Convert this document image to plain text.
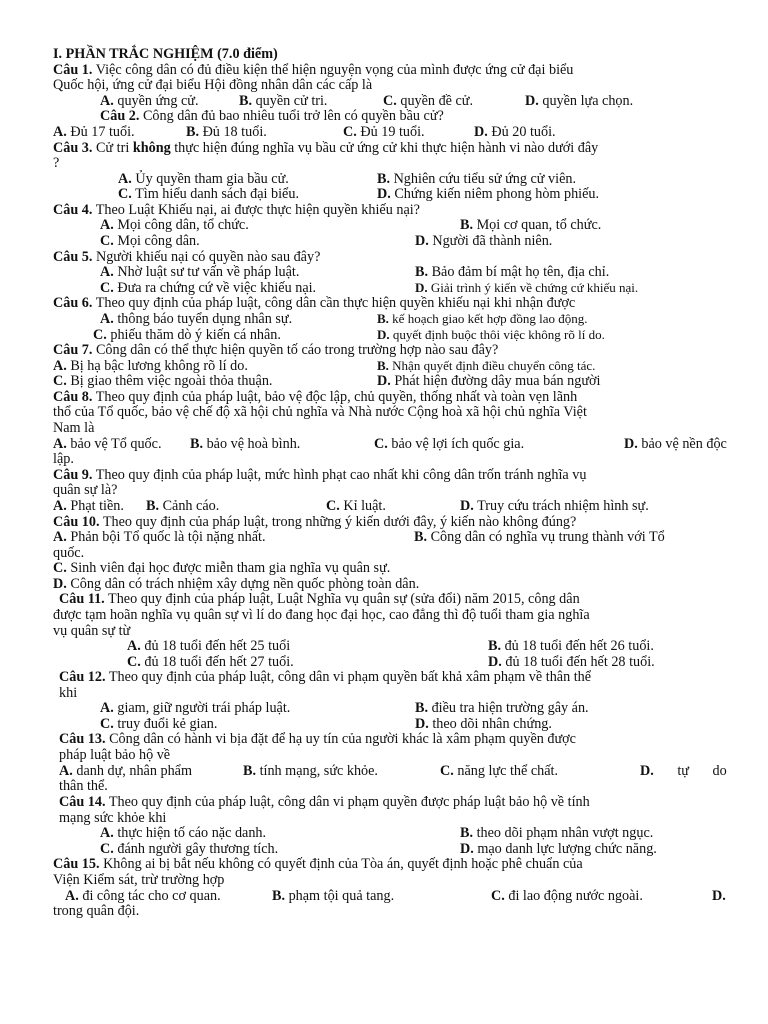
I. PHẦN TRẮC NGHIỆM (7.0 điểm)
Câu 1. Việc công dân có đủ điều kiện thể hiện nguyện vọng của mình được ứng cử đại biểu
Quốc hội, ứng cử đại biểu Hội đồng nhân dân các cấp là
A. quyền ứng cử.	B. quyền cử tri.	C. quyền đề cử.	D. quyền lựa chọn.
Câu 2. Công dân đủ bao nhiêu tuổi trở lên có quyền bầu cử?
A. Đủ 17 tuổi.	B. Đủ 18 tuổi.	C. Đủ 19 tuổi.	D. Đủ 20 tuổi.
Câu 3. Cử tri không thực hiện đúng nghĩa vụ bầu cử ứng cử khi thực hiện hành vi nào dưới đây
?
A. Ủy quyền tham gia bầu cử.	B. Nghiên cứu tiểu sử ứng cử viên.
C. Tìm hiểu danh sách đại biểu.	D. Chứng kiến niêm phong hòm phiếu.
Câu 4. Theo Luật Khiếu nại, ai được thực hiện quyền khiếu nại?
A. Mọi công dân, tổ chức.	B. Mọi cơ quan, tổ chức.
C. Mọi công dân.	D. Người đã thành niên.
Câu 5. Người khiếu nại có quyền nào sau đây?
A. Nhờ luật sư tư vấn về pháp luật.	B. Bảo đảm bí mật họ tên, địa chỉ.
C. Đưa ra chứng cứ về việc khiếu nại.	D. Giải trình ý kiến về chứng cứ khiếu nại.
Câu 6. Theo quy định của pháp luật, công dân cần thực hiện quyền khiếu nại khi nhận được
A. thông báo tuyển dụng nhân sự.	B. kế hoạch giao kết hợp đồng lao động.
C. phiếu thăm dò ý kiến cá nhân.	D. quyết định buộc thôi việc không rõ lí do.
Câu 7. Công dân có thể thực hiện quyền tố cáo trong trường hợp nào sau đây?
A. Bị hạ bậc lương không rõ lí do.	B. Nhận quyết định điều chuyển công tác.
C. Bị giao thêm việc ngoài thỏa thuận.	D. Phát hiện đường dây mua bán người
Câu 8. Theo quy định của pháp luật, bảo vệ độc lập, chủ quyền, thống nhất và toàn vẹn lãnh
thổ của Tổ quốc, bảo vệ chế độ xã hội chủ nghĩa và Nhà nước Cộng hoà xã hội chủ nghĩa Việt
Nam là
A. bảo vệ Tổ quốc. B. bảo vệ hoà bình.	C. bảo vệ lợi ích quốc gia.	D. bảo vệ nền độc
lập.
Câu 9. Theo quy định của pháp luật, mức hình phạt cao nhất khi công dân trốn tránh nghĩa vụ
quân sự là?
A. Phạt tiền. B. Cảnh cáo.	C. Kỉ luật.	D. Truy cứu trách nhiệm hình sự.
Câu 10. Theo quy định của pháp luật, trong những ý kiến dưới đây, ý kiến nào không đúng?
A. Phản bội Tổ quốc là tội nặng nhất.	B. Công dân có nghĩa vụ trung thành với Tổ
quốc.
C. Sinh viên đại học được miễn tham gia nghĩa vụ quân sự.
D. Công dân có trách nhiệm xây dựng nền quốc phòng toàn dân.
Câu 11. Theo quy định của pháp luật, Luật Nghĩa vụ quân sự (sửa đổi) năm 2015, công dân
được tạm hoãn nghĩa vụ quân sự vì lí do đang học đại học, cao đẳng thì độ tuổi tham gia nghĩa
vụ quân sự từ
A. đủ 18 tuổi đến hết 25 tuổi	B. đủ 18 tuổi đến hết 26 tuổi.
C. đủ 18 tuổi đến hết 27 tuổi.	D. đủ 18 tuổi đến hết 28 tuổi.
Câu 12. Theo quy định của pháp luật, công dân vi phạm quyền bất khả xâm phạm về thân thể
khi
A. giam, giữ người trái pháp luật.	B. điều tra hiện trường gây án.
C. truy đuổi kẻ gian.	D. theo dõi nhân chứng.
Câu 13. Công dân có hành vi bịa đặt để hạ uy tín của người khác là xâm phạm quyền được
pháp luật bảo hộ về
A. danh dự, nhân phẩm	B. tính mạng, sức khỏe.	C. năng lực thể chất.	D. tự do
thân thể.
Câu 14. Theo quy định của pháp luật, công dân vi phạm quyền được pháp luật bảo hộ về tính
mạng sức khỏe khi
A. thực hiện tố cáo nặc danh.	B. theo dõi phạm nhân vượt ngục.
C. đánh người gây thương tích.	D. mạo danh lực lượng chức năng.
Câu 15. Không ai bị bắt nếu không có quyết định của Tòa án, quyết định hoặc phê chuẩn của
Viện Kiểm sát, trừ trường hợp
A. đi công tác cho cơ quan.	B. phạm tội quả tang.	C. đi lao động nước ngoài.	D.
trong quân đội.
